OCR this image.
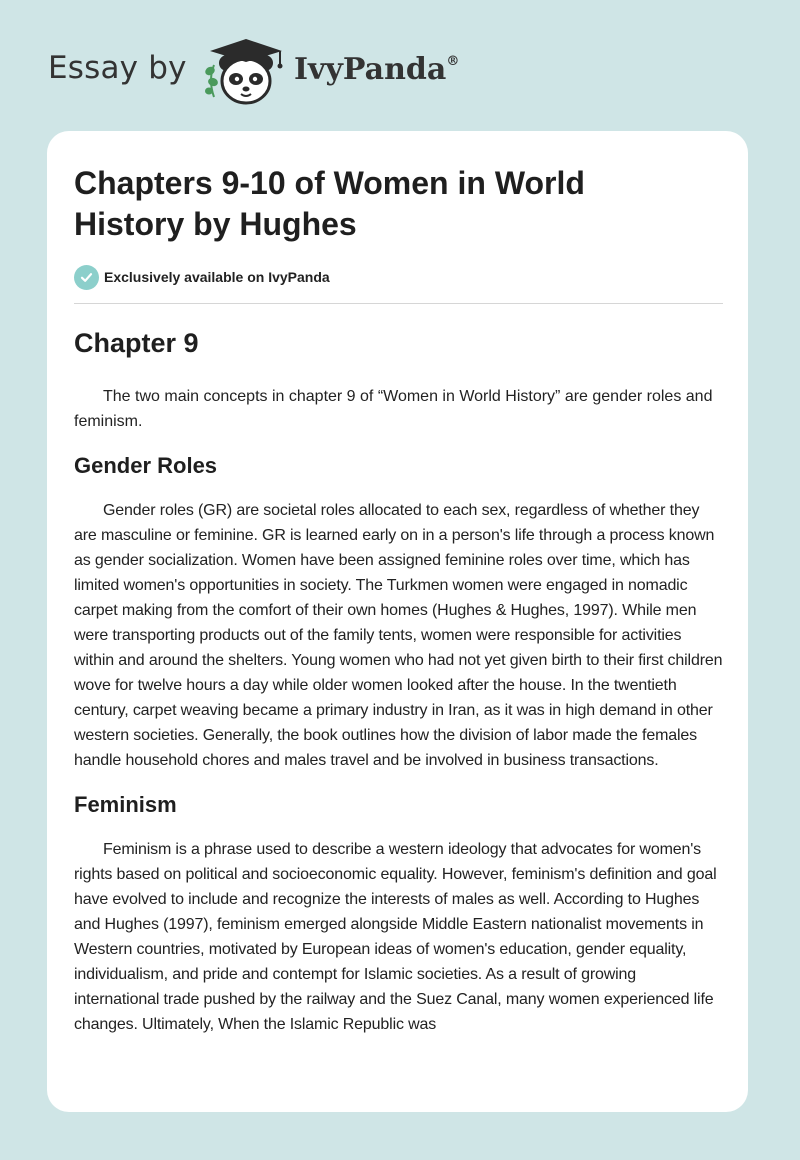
Essay by	IvyPanda®
Chapters 9-10 of Women in World History by Hughes
Exclusively available on IvyPanda
Chapter 9

The two main concepts in chapter 9 of “Women in World History” are gender roles and feminism.

Gender Roles

Gender roles (GR) are societal roles allocated to each sex, regardless of whether they are masculine or feminine. GR is learned early on in a person's life through a process known as gender socialization. Women have been assigned feminine roles over time, which has limited women's opportunities in society. The Turkmen women were engaged in nomadic carpet making from the comfort of their own homes (Hughes & Hughes, 1997). While men were transporting products out of the family tents, women were responsible for activities within and around the shelters. Young women who had not yet given birth to their first children wove for twelve hours a day while older women looked after the house. In the twentieth century, carpet weaving became a primary industry in Iran, as it was in high demand in other western societies. Generally, the book outlines how the division of labor made the females handle household chores and males travel and be involved in business transactions.

Feminism

Feminism is a phrase used to describe a western ideology that advocates for women's rights based on political and socioeconomic equality. However, feminism's definition and goal have evolved to include and recognize the interests of males as well. According to Hughes and Hughes (1997), feminism emerged alongside Middle Eastern nationalist movements in Western countries, motivated by European ideas of women's education, gender equality, individualism, and pride and contempt for Islamic societies. As a result of growing international trade pushed by the railway and the Suez Canal, many women experienced life changes. Ultimately, When the Islamic Republic was
